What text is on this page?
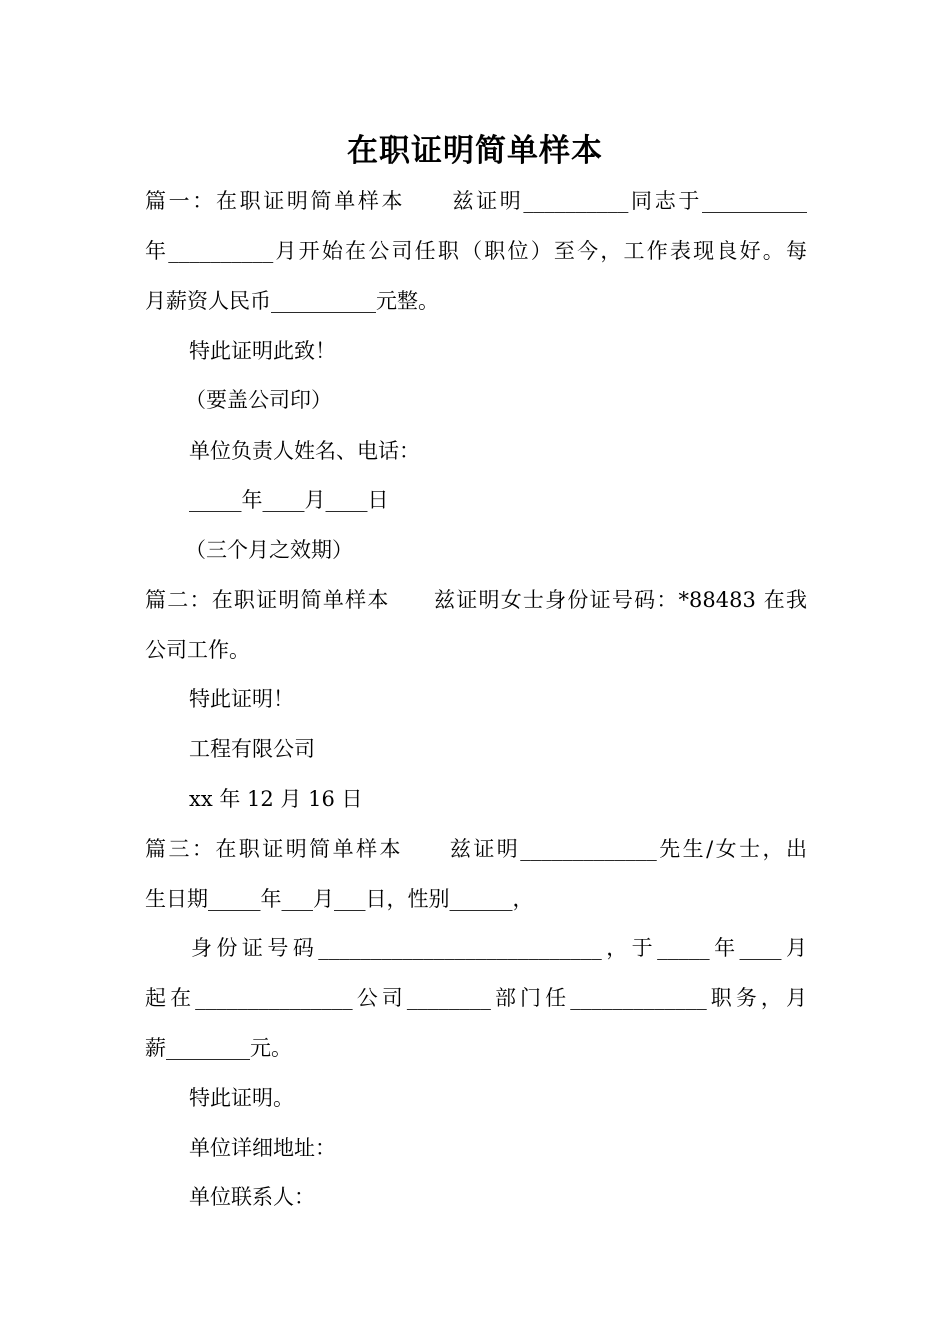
在职证明简单样本
篇一：在职证明简单样本　　兹证明__________同志于__________
年__________月开始在公司任职（职位）至今，工作表现良好。每
月薪资人民币__________元整。
特此证明此致！
（要盖公司印）
单位负责人姓名、电话：
_____年____月____日
（三个月之效期）
篇二：在职证明简单样本　　兹证明女士身份证号码：*88483 在我
公司工作。
特此证明！
工程有限公司
xx 年 12 月 16 日
篇三：在职证明简单样本　　兹证明_____________先生/女士，出
生日期_____年___月___日，性别______，
身份证号码___________________________，于_____年____月
起在_______________公司________部门任_____________职务，月
薪________元。
特此证明。
单位详细地址：
单位联系人：
